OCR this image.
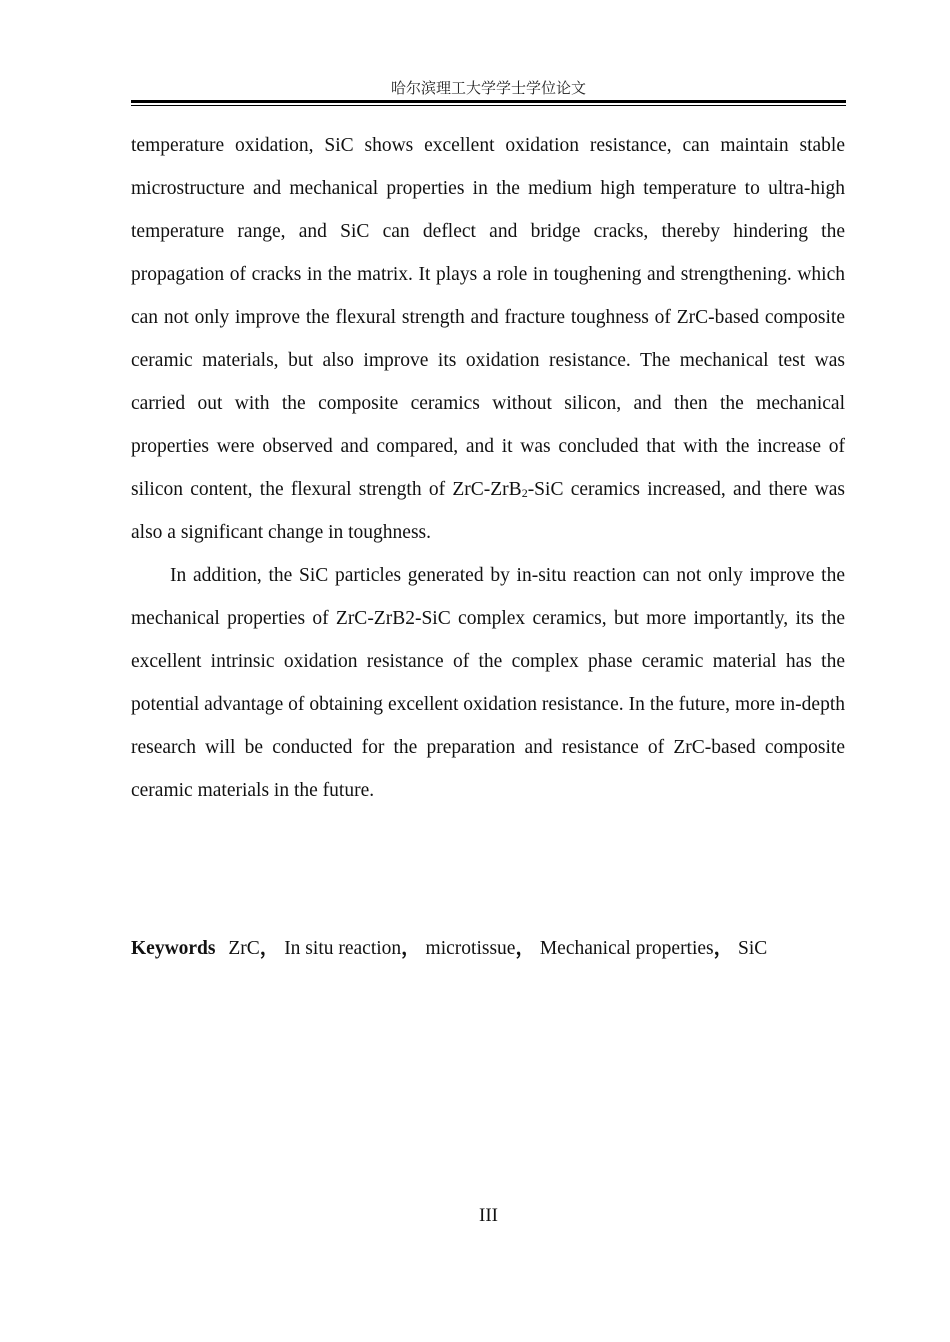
哈尔滨理工大学学士学位论文

temperature oxidation, SiC shows excellent oxidation resistance, can maintain stable microstructure and mechanical properties in the medium high temperature to ultra-high temperature range, and SiC can deflect and bridge cracks, thereby hindering the propagation of cracks in the matrix. It plays a role in toughening and strengthening. which can not only improve the flexural strength and fracture toughness of ZrC-based composite ceramic materials, but also improve its oxidation resistance. The mechanical test was carried out with the composite ceramics without silicon, and then the mechanical properties were observed and compared, and it was concluded that with the increase of silicon content, the flexural strength of ZrC-ZrB$_2$-SiC ceramics increased, and there was also a significant change in toughness.

In addition, the SiC particles generated by in-situ reaction can not only improve the mechanical properties of ZrC-ZrB2-SiC complex ceramics, but more importantly, its the excellent intrinsic oxidation resistance of the complex phase ceramic material has the potential advantage of obtaining excellent oxidation resistance. In the future, more in-depth research will be conducted for the preparation and resistance of ZrC-based composite ceramic materials in the future.

Keywords ZrC， In situ reaction， microtissue， Mechanical properties， SiC
III
